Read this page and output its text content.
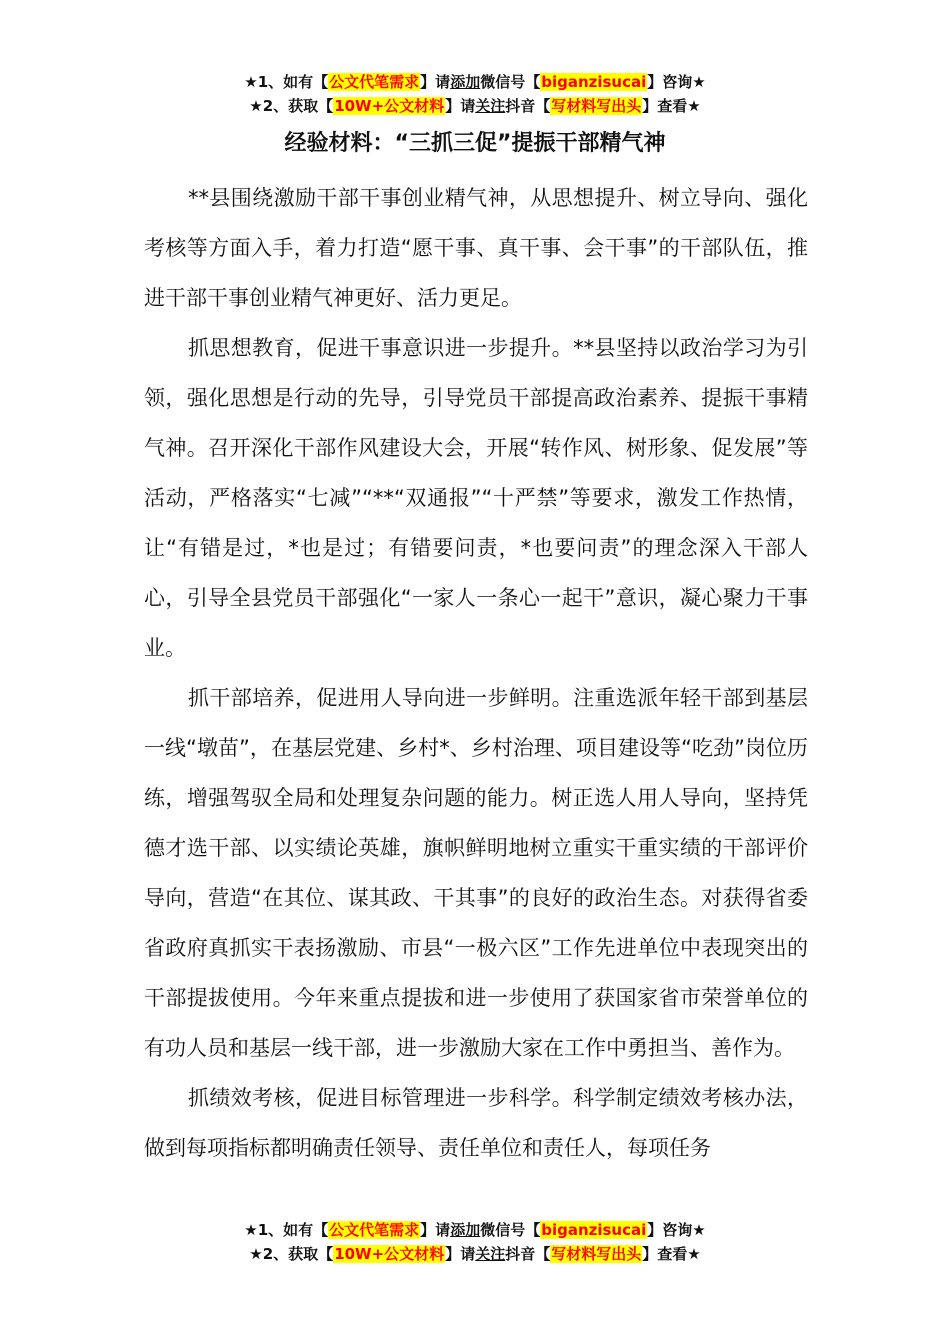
★1、如有【公文代笔需求】请添加微信号【biganzisucai】咨询★
★2、获取【10W+公文材料】请关注抖音【写材料写出头】查看★
经验材料：“三抓三促”提振干部精气神

**县围绕激励干部干事创业精气神，从思想提升、树立导向、强化考核等方面入手，着力打造“愿干事、真干事、会干事”的干部队伍，推进干部干事创业精气神更好、活力更足。

抓思想教育，促进干事意识进一步提升。**县坚持以政治学习为引领，强化思想是行动的先导，引导党员干部提高政治素养、提振干事精气神。召开深化干部作风建设大会，开展“转作风、树形象、促发展”等活动，严格落实“七减”“**“双通报”“十严禁”等要求，激发工作热情，让“有错是过，*也是过；有错要问责，*也要问责”的理念深入干部人心，引导全县党员干部强化“一家人一条心一起干”意识，凝心聚力干事业。

抓干部培养，促进用人导向进一步鲜明。注重选派年轻干部到基层一线“墩苗”，在基层党建、乡村*、乡村治理、项目建设等“吃劲”岗位历练，增强驾驭全局和处理复杂问题的能力。树正选人用人导向，坚持凭德才选干部、以实绩论英雄，旗帜鲜明地树立重实干重实绩的干部评价导向，营造“在其位、谋其政、干其事”的良好的政治生态。对获得省委省政府真抓实干表扬激励、市县“一极六区”工作先进单位中表现突出的干部提拔使用。今年来重点提拔和进一步使用了获国家省市荣誉单位的有功人员和基层一线干部，进一步激励大家在工作中勇担当、善作为。

抓绩效考核，促进目标管理进一步科学。科学制定绩效考核办法，做到每项指标都明确责任领导、责任单位和责任人，每项任务

★1、如有【公文代笔需求】请添加微信号【biganzisucai】咨询★
★2、获取【10W+公文材料】请关注抖音【写材料写出头】查看★
